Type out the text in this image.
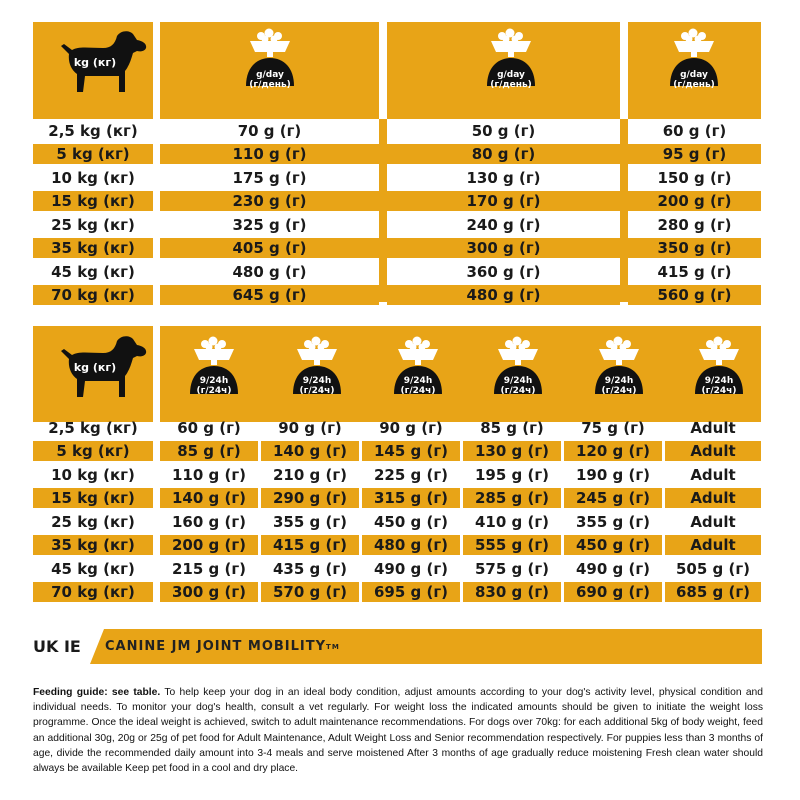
UK IE	CANINE JM JOINT MOBILITY TM
Feeding guide: see table. To help keep your dog in an ideal body condition, adjust amounts according to your dog's activity level, physical condition and individual needs. To monitor your dog's health, consult a vet regularly. For weight loss the indicated amounts should be given to initiate the weight loss programme. Once the ideal weight is achieved, switch to adult maintenance recommendations. For dogs over 70kg: for each additional 5kg of body weight, feed an additional 30g, 20g or 25g of pet food for Adult Maintenance, Adult Weight Loss and Senior recommendation respectively. For puppies less than 3 months of age, divide the recommended daily amount into 3-4 meals and serve moistened After 3 months of age gradually reduce moistening Fresh clean water should always be available Keep pet food in a cool and dry place.
kg (кг)
kg (кг)
g/day
(г/день)
g/day
(г/день)
g/day
(г/день)
9/24h
(г/24ч)
9/24h
(г/24ч)
9/24h
(г/24ч)
9/24h
(г/24ч)
9/24h
(г/24ч)
9/24h
(г/24ч)
2,5 kg (кг)	70 g (г)	50 g (г)	60 g (г)
5 kg (кг)	110 g (г)	80 g (г)	95 g (г)
10 kg (кг)	175 g (г)	130 g (г)	150 g (г)
15 kg (кг)	230 g (г)	170 g (г)	200 g (г)
25 kg (кг)	325 g (г)	240 g (г)	280 g (г)
35 kg (кг)	405 g (г)	300 g (г)	350 g (г)
45 kg (кг)	480 g (г)	360 g (г)	415 g (г)
70 kg (кг)	645 g (г)	480 g (г)	560 g (г)
2,5 kg (кг)	60 g (г)	90 g (г)	90 g (г)	85 g (г)	75 g (г)	Adult
5 kg (кг)	85 g (г)	140 g (г)	145 g (г)	130 g (г)	120 g (г)	Adult
10 kg (кг)	110 g (г)	210 g (г)	225 g (г)	195 g (г)	190 g (г)	Adult
15 kg (кг)	140 g (г)	290 g (г)	315 g (г)	285 g (г)	245 g (г)	Adult
25 kg (кг)	160 g (г)	355 g (г)	450 g (г)	410 g (г)	355 g (г)	Adult
35 kg (кг)	200 g (г)	415 g (г)	480 g (г)	555 g (г)	450 g (г)	Adult
45 kg (кг)	215 g (г)	435 g (г)	490 g (г)	575 g (г)	490 g (г)	505 g (г)
70 kg (кг)	300 g (г)	570 g (г)	695 g (г)	830 g (г)	690 g (г)	685 g (г)
